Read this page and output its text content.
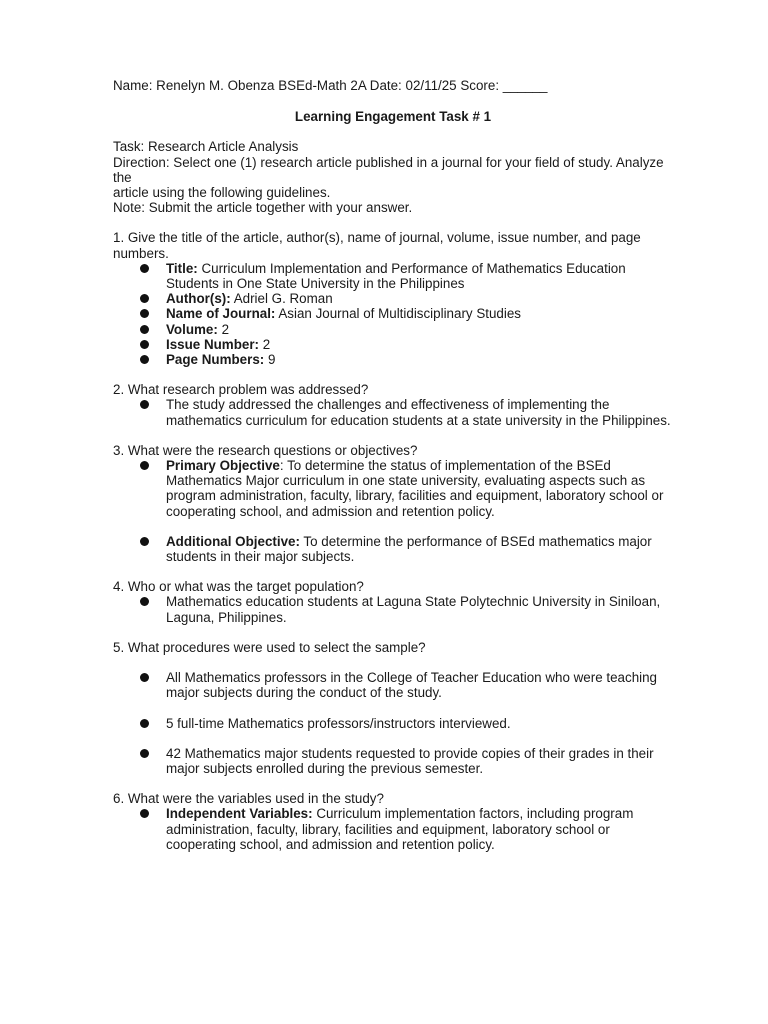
Name: Renelyn M. Obenza BSEd-Math 2A Date: 02/11/25 Score: ______

Learning Engagement Task # 1

Task: Research Article Analysis

Direction: Select one (1) research article published in a journal for your field of study. Analyze the

article using the following guidelines.

Note: Submit the article together with your answer.

1. Give the title of the article, author(s), name of journal, volume, issue number, and page

numbers.

Title: Curriculum Implementation and Performance of Mathematics Education Students in One State University in the Philippines
Author(s): Adriel G. Roman
Name of Journal: Asian Journal of Multidisciplinary Studies
Volume: 2
Issue Number: 2
Page Numbers: 9

2. What research problem was addressed?

The study addressed the challenges and effectiveness of implementing the mathematics curriculum for education students at a state university in the Philippines.

3. What were the research questions or objectives?

Primary Objective: To determine the status of implementation of the BSEd Mathematics Major curriculum in one state university, evaluating aspects such as program administration, faculty, library, facilities and equipment, laboratory school or cooperating school, and admission and retention policy.
Additional Objective: To determine the performance of BSEd mathematics major students in their major subjects.

4. Who or what was the target population?

Mathematics education students at Laguna State Polytechnic University in Siniloan, Laguna, Philippines.

5. What procedures were used to select the sample?

All Mathematics professors in the College of Teacher Education who were teaching major subjects during the conduct of the study.
5 full-time Mathematics professors/instructors interviewed.
42 Mathematics major students requested to provide copies of their grades in their major subjects enrolled during the previous semester.

6. What were the variables used in the study?

Independent Variables: Curriculum implementation factors, including program administration, faculty, library, facilities and equipment, laboratory school or cooperating school, and admission and retention policy.
